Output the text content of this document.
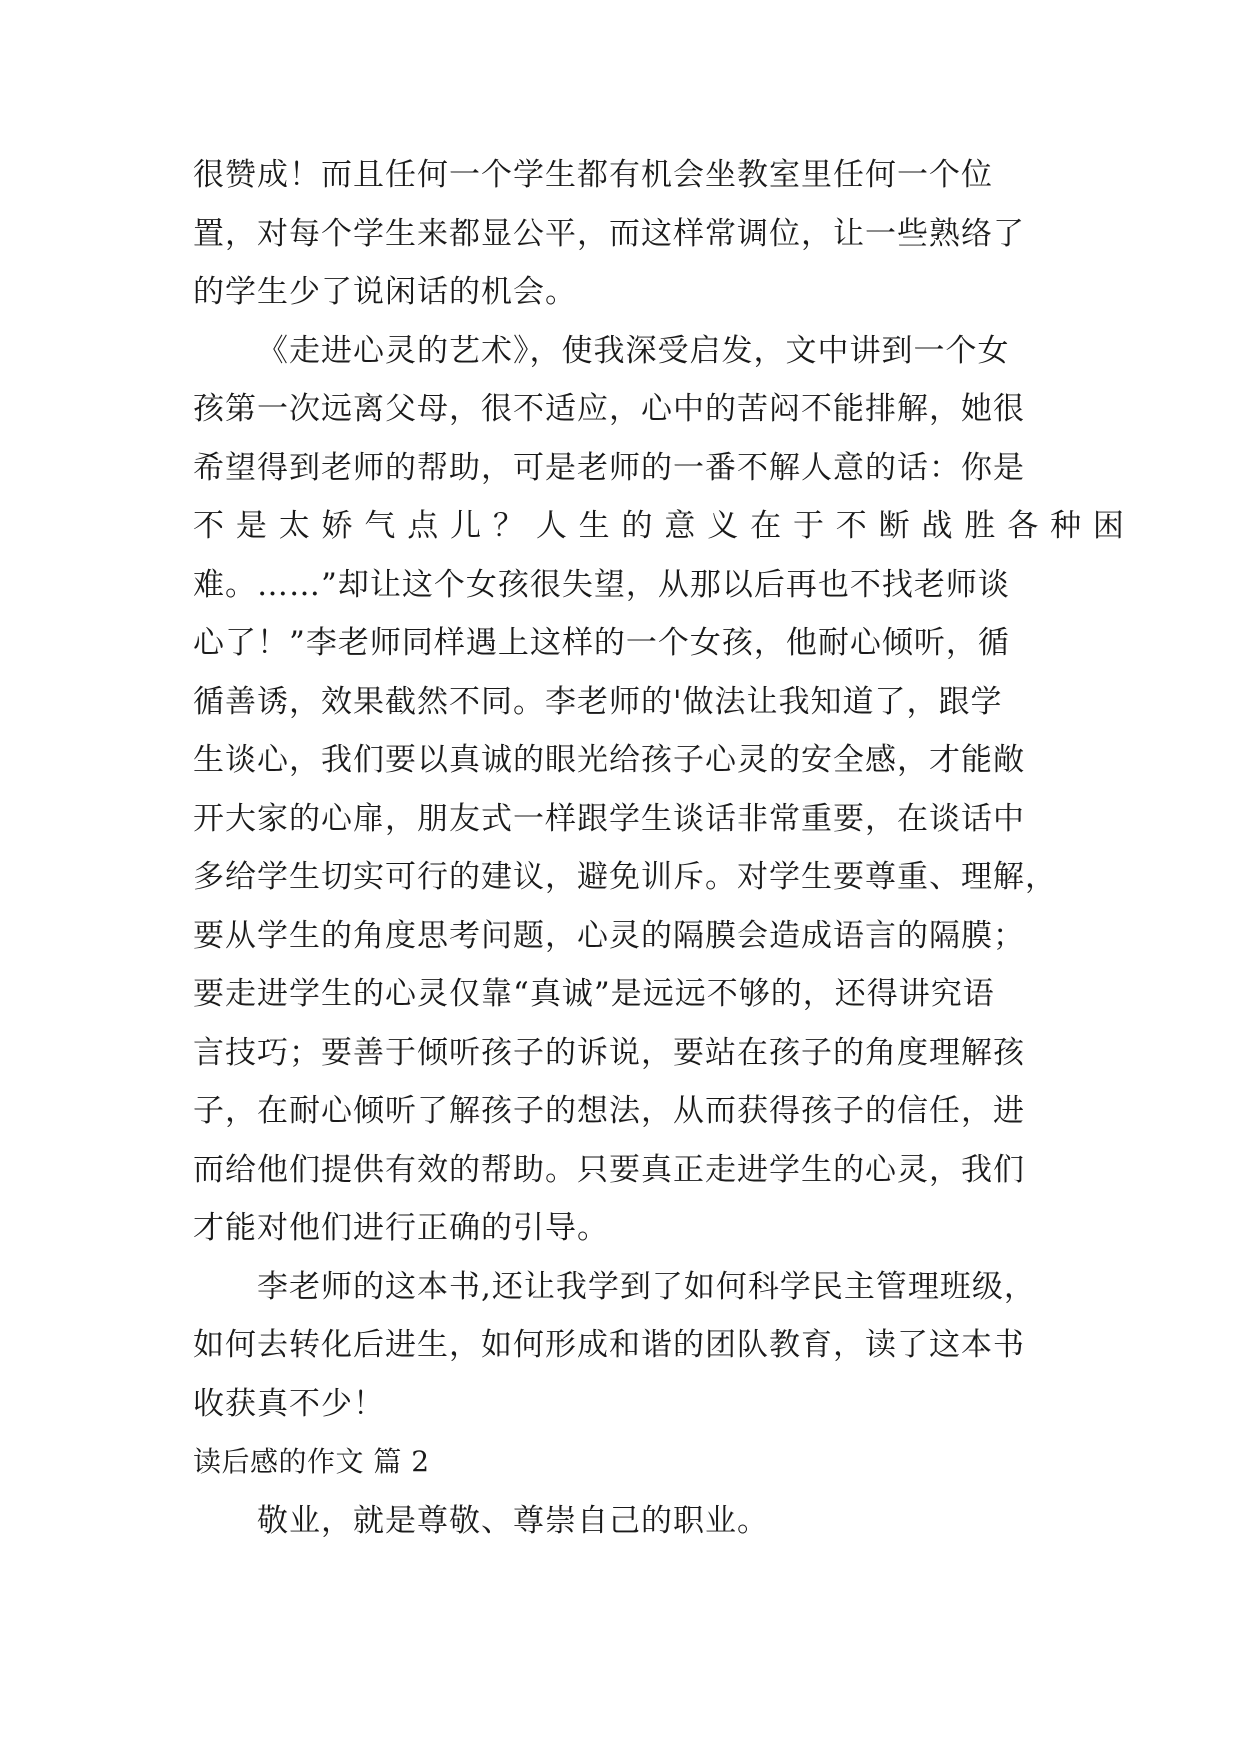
很赞成！而且任何一个学生都有机会坐教室里任何一个位
置，对每个学生来都显公平，而这样常调位，让一些熟络了
的学生少了说闲话的机会。
《走进心灵的艺术》，使我深受启发，文中讲到一个女
孩第一次远离父母，很不适应，心中的苦闷不能排解，她很
希望得到老师的帮助，可是老师的一番不解人意的话：你是
不 是 太 娇 气 点 儿 ？ 人 生 的 意 义 在 于 不 断 战 胜 各 种 困
难。……”却让这个女孩很失望，从那以后再也不找老师谈
心了！”李老师同样遇上这样的一个女孩，他耐心倾听，循
循善诱，效果截然不同。李老师的'做法让我知道了，跟学
生谈心，我们要以真诚的眼光给孩子心灵的安全感，才能敞
开大家的心扉，朋友式一样跟学生谈话非常重要，在谈话中
多给学生切实可行的建议，避免训斥。对学生要尊重、理解，
要从学生的角度思考问题，心灵的隔膜会造成语言的隔膜；
要走进学生的心灵仅靠“真诚”是远远不够的，还得讲究语
言技巧；要善于倾听孩子的诉说，要站在孩子的角度理解孩
子，在耐心倾听了解孩子的想法，从而获得孩子的信任，进
而给他们提供有效的帮助。只要真正走进学生的心灵，我们
才能对他们进行正确的引导。
李老师的这本书,还让我学到了如何科学民主管理班级，
如何去转化后进生，如何形成和谐的团队教育，读了这本书
收获真不少！
读后感的作文 篇 2
敬业，就是尊敬、尊崇自己的职业。
